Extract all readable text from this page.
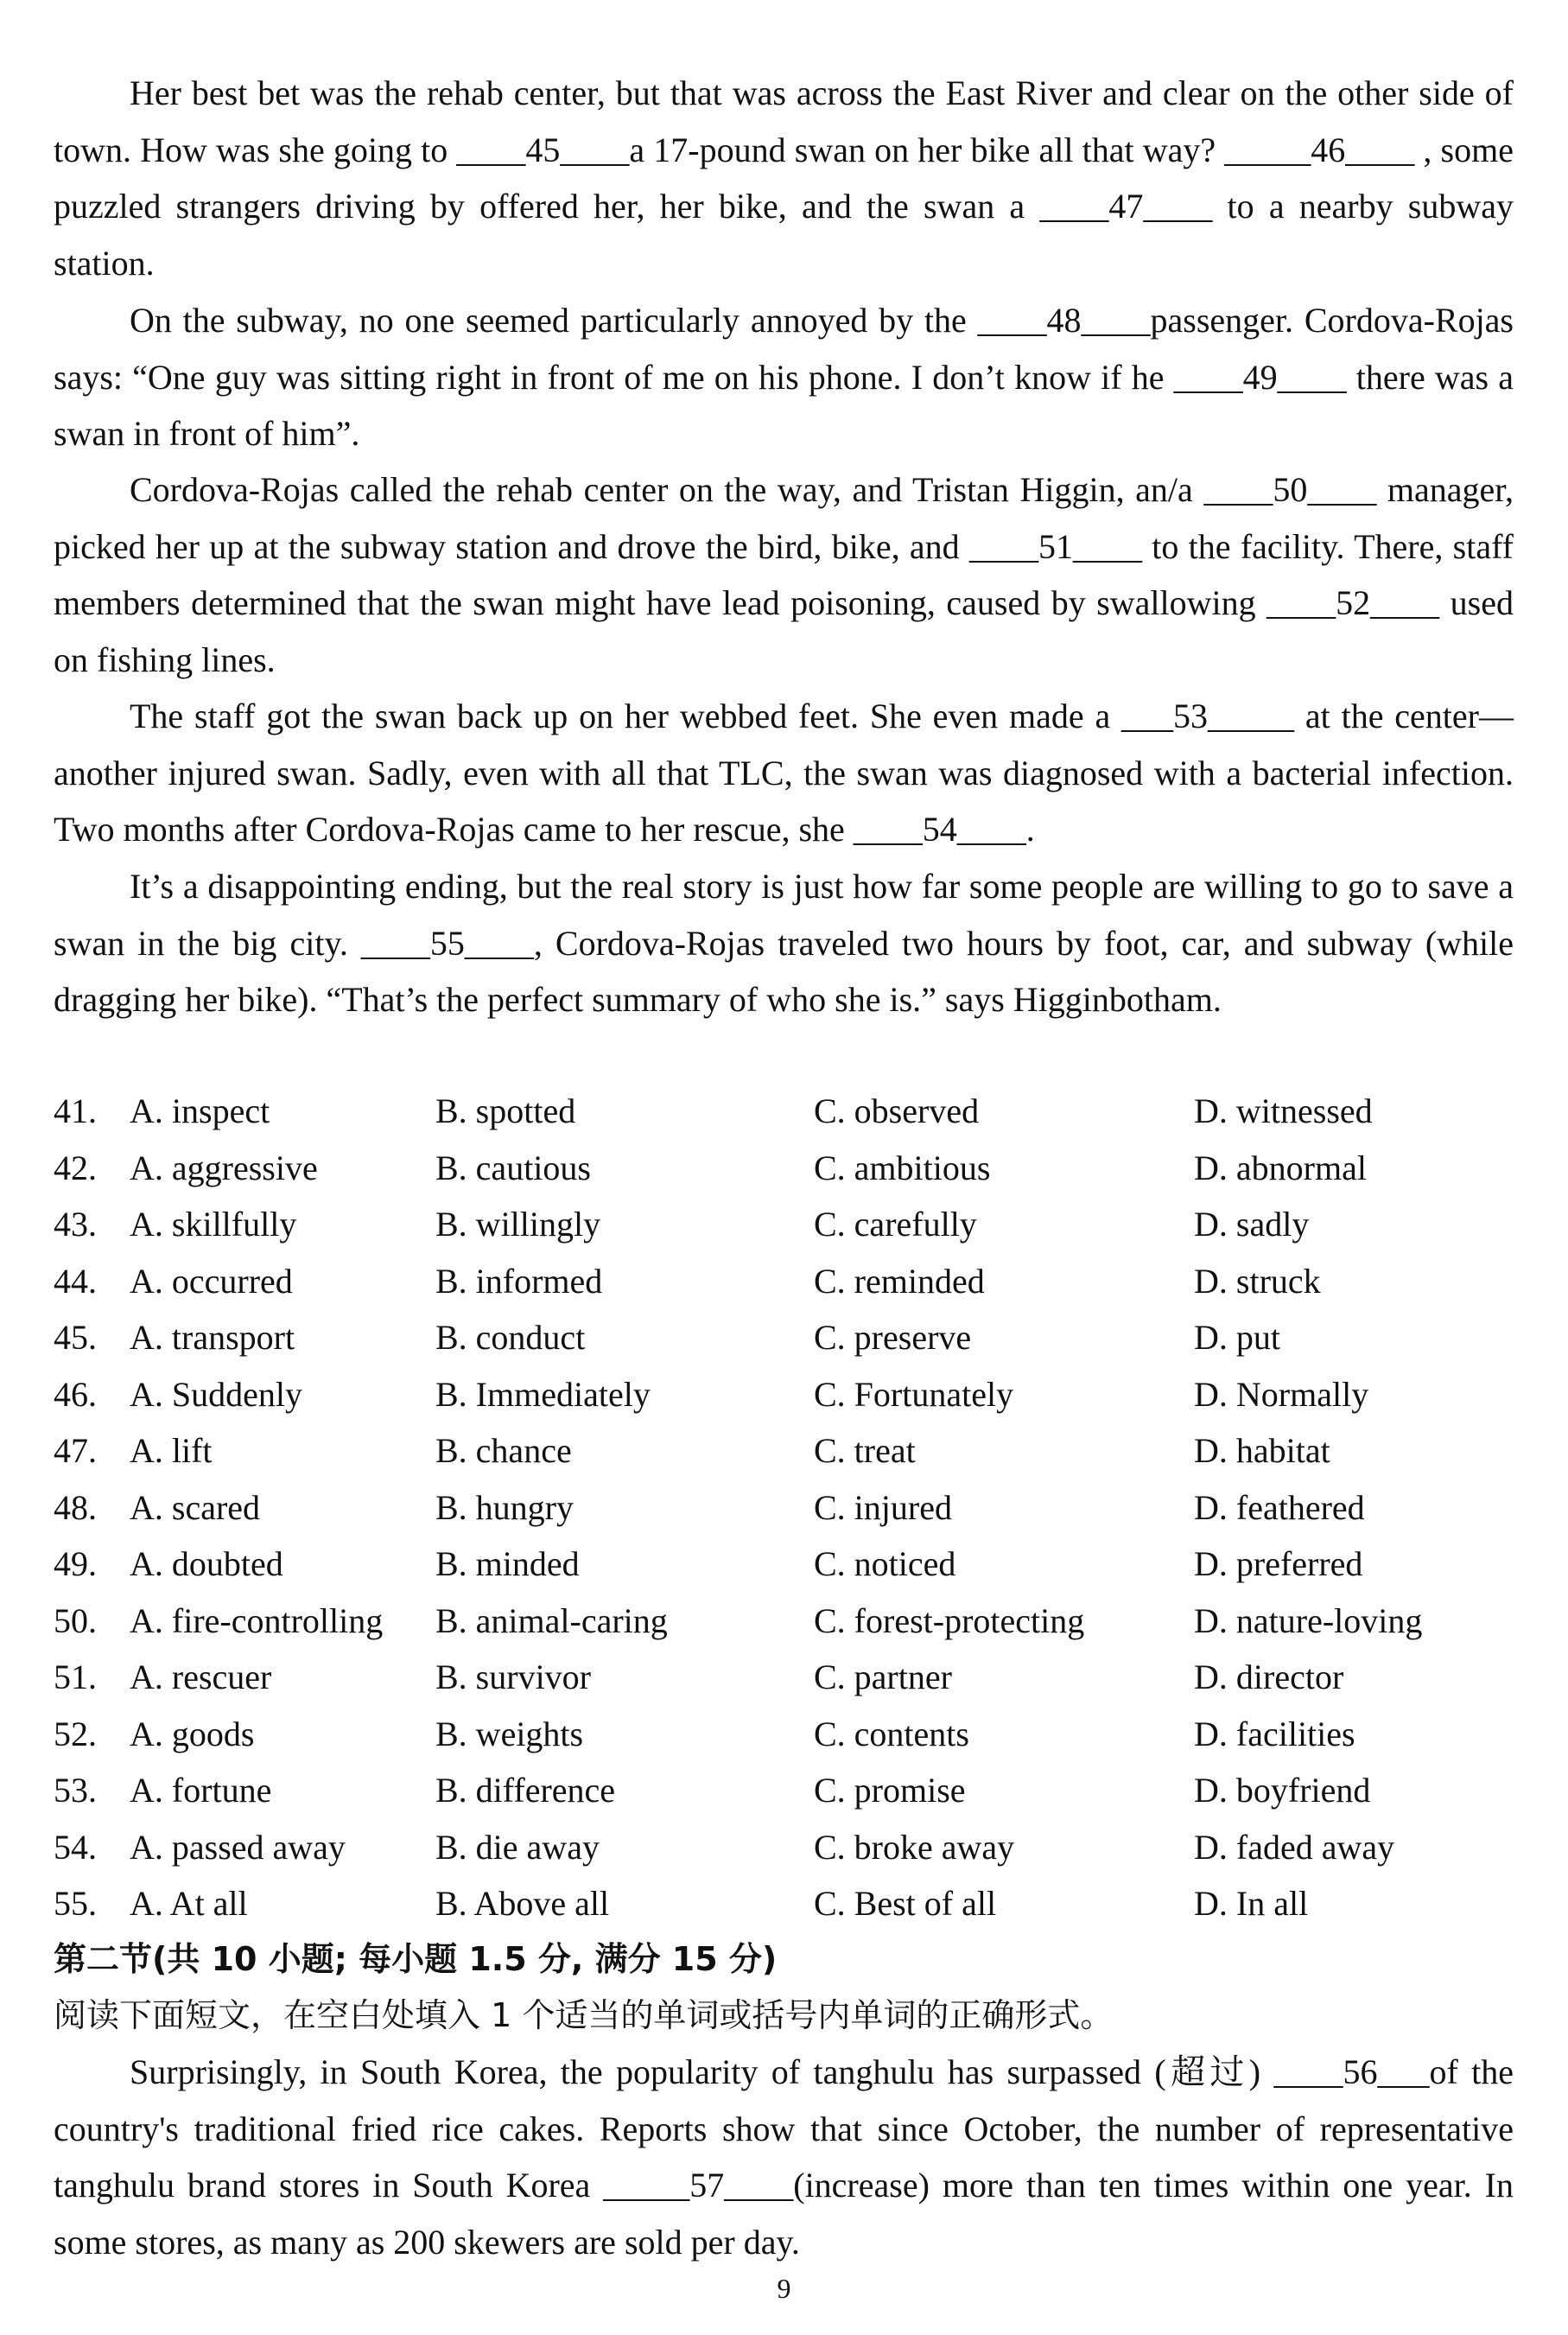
Her best bet was the rehab center, but that was across the East River and clear on the other side of town. How was she going to ____45____a 17-pound swan on her bike all that way? _____46____ , some puzzled strangers driving by offered her, her bike, and the swan a ____47____ to a nearby subway station.

On the subway, no one seemed particularly annoyed by the ____48____passenger. Cordova-Rojas says: “One guy was sitting right in front of me on his phone. I don’t know if he ____49____ there was a swan in front of him”.

Cordova-Rojas called the rehab center on the way, and Tristan Higgin, an/a ____50____ manager, picked her up at the subway station and drove the bird, bike, and ____51____ to the facility. There, staff members determined that the swan might have lead poisoning, caused by swallowing ____52____ used on fishing lines.

The staff got the swan back up on her webbed feet. She even made a ___53_____ at the center—another injured swan. Sadly, even with all that TLC, the swan was diagnosed with a bacterial infection. Two months after Cordova-Rojas came to her rescue, she ____54____.

It’s a disappointing ending, but the real story is just how far some people are willing to go to save a swan in the big city. ____55____, Cordova-Rojas traveled two hours by foot, car, and subway (while dragging her bike). “That’s the perfect summary of who she is.” says Higginbotham.

41. A. inspect	B. spotted	C. observed	D. witnessed
42. A. aggressive	B. cautious	C. ambitious	D. abnormal
43. A. skillfully	B. willingly	C. carefully	D. sadly
44. A. occurred	B. informed	C. reminded	D. struck
45. A. transport	B. conduct	C. preserve	D. put
46. A. Suddenly	B. Immediately	C. Fortunately	D. Normally
47. A. lift	B. chance	C. treat	D. habitat
48. A. scared	B. hungry	C. injured	D. feathered
49. A. doubted	B. minded	C. noticed	D. preferred
50. A. fire-controlling B. animal-caring	C. forest-protecting	D. nature-loving
51. A. rescuer	B. survivor	C. partner	D. director
52. A. goods	B. weights	C. contents	D. facilities
53. A. fortune	B. difference	C. promise	D. boyfriend
54. A. passed away	B. die away	C. broke away	D. faded away
55. A. At all	B. Above all	C. Best of all	D. In all
第二节(共 10 小题; 每小题 1.5 分, 满分 15 分)
阅读下面短文，在空白处填入 1 个适当的单词或括号内单词的正确形式。

Surprisingly, in South Korea, the popularity of tanghulu has surpassed (超过) ____56___of the country's traditional fried rice cakes. Reports show that since October, the number of representative tanghulu brand stores in South Korea _____57____(increase) more than ten times within one year. In some stores, as many as 200 skewers are sold per day.

9
